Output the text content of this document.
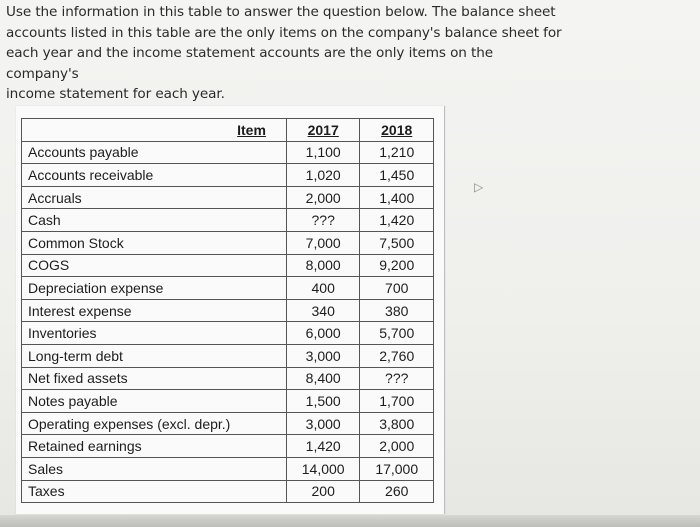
Use the information in this table to answer the question below. The balance sheet
accounts listed in this table are the only items on the company's balance sheet for
each year and the income statement accounts are the only items on the company's
income statement for each year.
Item	2017	2018
Accounts payable	1,100	1,210
Accounts receivable	1,020	1,450
Accruals	2,000	1,400
Cash	???	1,420
Common Stock	7,000	7,500
COGS	8,000	9,200
Depreciation expense	400	700
Interest expense	340	380
Inventories	6,000	5,700
Long-term debt	3,000	2,760
Net fixed assets	8,400	???
Notes payable	1,500	1,700
Operating expenses (excl. depr.)	3,000	3,800
Retained earnings	1,420	2,000
Sales	14,000	17,000
Taxes	200	260
▷
